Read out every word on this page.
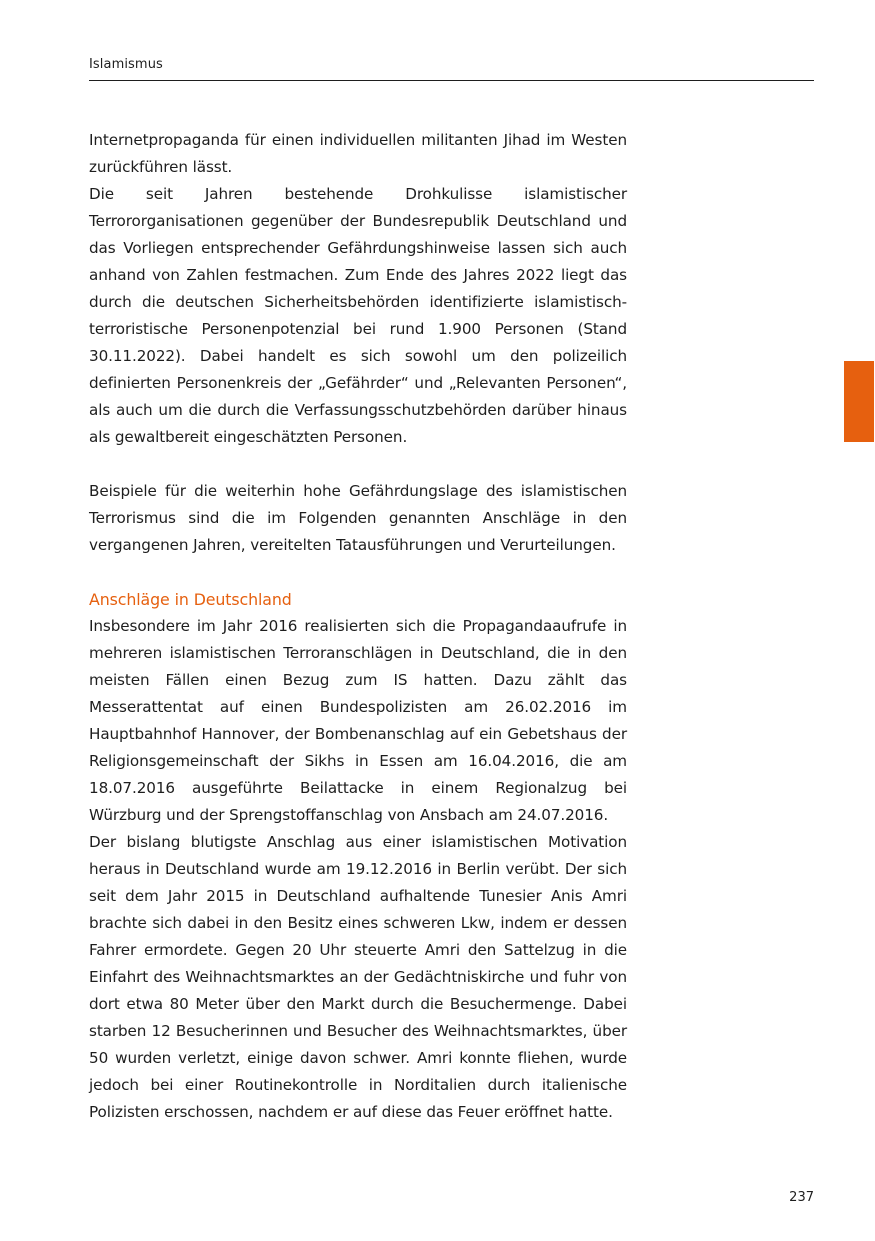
Islamismus

Internetpropaganda für einen individuellen militanten Jihad im Westen zurückführen lässt.

Die seit Jahren bestehende Drohkulisse islamistischer Terrororganisationen gegenüber der Bundesrepublik Deutschland und das Vorliegen entsprechender Gefährdungshinweise lassen sich auch anhand von Zahlen festmachen. Zum Ende des Jahres 2022 liegt das durch die deutschen Sicherheitsbehörden identifizierte islamistisch-terroristische Personenpotenzial bei rund 1.900 Personen (Stand 30.11.2022). Dabei handelt es sich sowohl um den polizeilich definierten Personenkreis der „Gefährder“ und „Relevanten Personen“, als auch um die durch die Verfassungsschutzbehörden darüber hinaus als gewaltbereit eingeschätzten Personen.

Beispiele für die weiterhin hohe Gefährdungslage des islamistischen Terrorismus sind die im Folgenden genannten Anschläge in den vergangenen Jahren, vereitelten Tatausführungen und Verurteilungen.

Anschläge in Deutschland

Insbesondere im Jahr 2016 realisierten sich die Propagandaaufrufe in mehreren islamistischen Terroranschlägen in Deutschland, die in den meisten Fällen einen Bezug zum IS hatten. Dazu zählt das Messerattentat auf einen Bundespolizisten am 26.02.2016 im Hauptbahnhof Hannover, der Bombenanschlag auf ein Gebetshaus der Religionsgemeinschaft der Sikhs in Essen am 16.04.2016, die am 18.07.2016 ausgeführte Beilattacke in einem Regionalzug bei Würzburg und der Sprengstoffanschlag von Ansbach am 24.07.2016.

Der bislang blutigste Anschlag aus einer islamistischen Motivation heraus in Deutschland wurde am 19.12.2016 in Berlin verübt. Der sich seit dem Jahr 2015 in Deutschland aufhaltende Tunesier Anis Amri brachte sich dabei in den Besitz eines schweren Lkw, indem er dessen Fahrer ermordete. Gegen 20 Uhr steuerte Amri den Sattelzug in die Einfahrt des Weihnachtsmarktes an der Gedächtniskirche und fuhr von dort etwa 80 Meter über den Markt durch die Besuchermenge. Dabei starben 12 Besucherinnen und Besucher des Weihnachtsmarktes, über 50 wurden verletzt, einige davon schwer. Amri konnte fliehen, wurde jedoch bei einer Routinekontrolle in Norditalien durch italienische Polizisten erschossen, nachdem er auf diese das Feuer eröffnet hatte.

237
